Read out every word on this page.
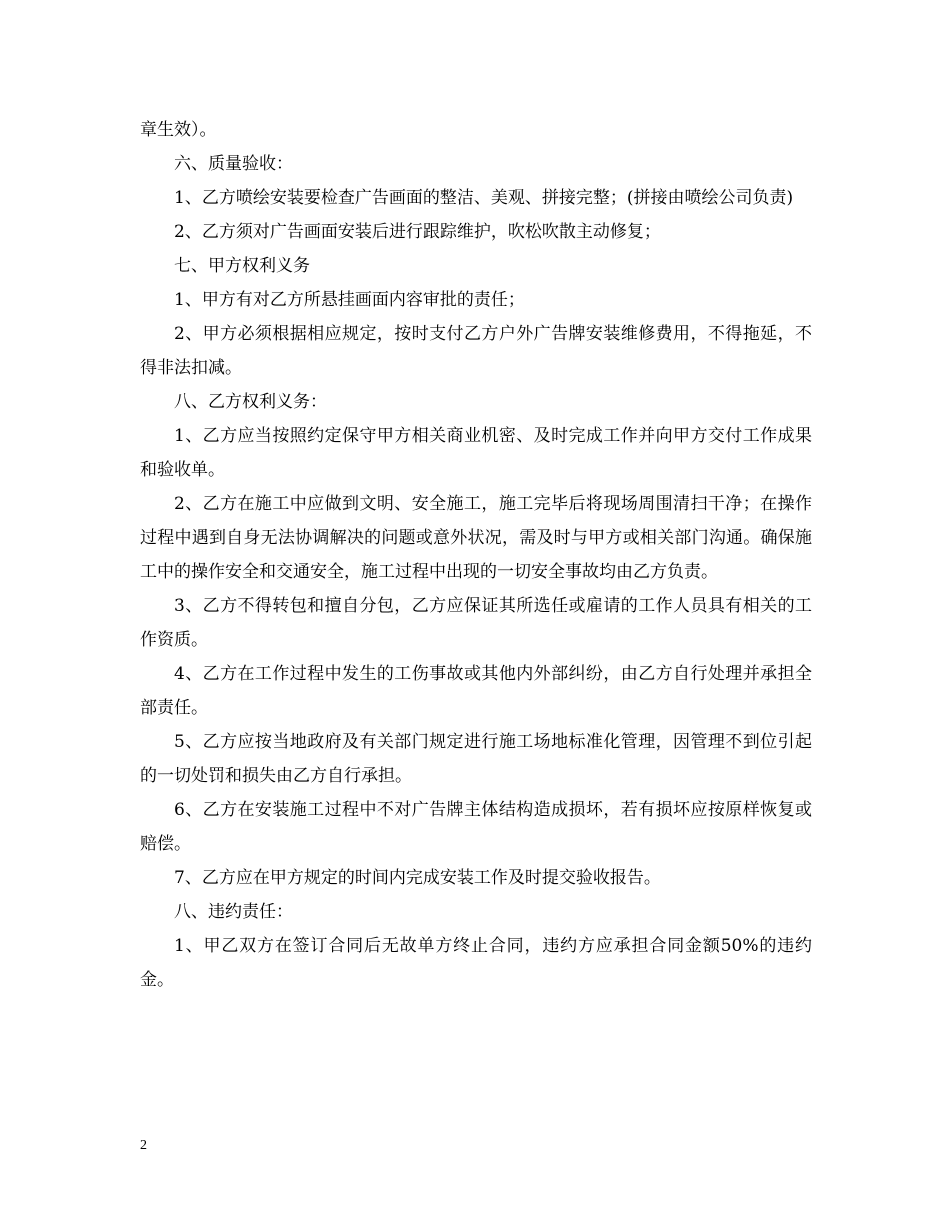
章生效）。

六、质量验收：

1、乙方喷绘安装要检查广告画面的整洁、美观、拼接完整；(拼接由喷绘公司负责)

2、乙方须对广告画面安装后进行跟踪维护，吹松吹散主动修复；

七、甲方权利义务

1、甲方有对乙方所悬挂画面内容审批的责任；

2、甲方必须根据相应规定，按时支付乙方户外广告牌安装维修费用，不得拖延，不得非法扣减。

八、乙方权利义务：

1、乙方应当按照约定保守甲方相关商业机密、及时完成工作并向甲方交付工作成果和验收单。

2、乙方在施工中应做到文明、安全施工，施工完毕后将现场周围清扫干净；在操作过程中遇到自身无法协调解决的问题或意外状况，需及时与甲方或相关部门沟通。确保施工中的操作安全和交通安全，施工过程中出现的一切安全事故均由乙方负责。

3、乙方不得转包和擅自分包，乙方应保证其所选任或雇请的工作人员具有相关的工作资质。

4、乙方在工作过程中发生的工伤事故或其他内外部纠纷，由乙方自行处理并承担全部责任。

5、乙方应按当地政府及有关部门规定进行施工场地标准化管理，因管理不到位引起的一切处罚和损失由乙方自行承担。

6、乙方在安装施工过程中不对广告牌主体结构造成损坏，若有损坏应按原样恢复或赔偿。

7、乙方应在甲方规定的时间内完成安装工作及时提交验收报告。

八、违约责任：

1、甲乙双方在签订合同后无故单方终止合同，违约方应承担合同金额50%的违约金。

2
